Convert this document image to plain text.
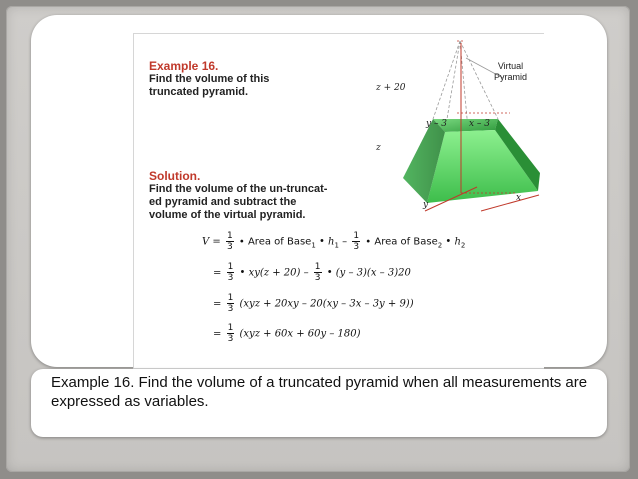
Example 16.
Find the volume of this
truncated pyramid.
Solution.
Find the volume of the un-truncat-
ed pyramid and subtract the
volume of the virtual pyramid.
$V = \frac{1}{3}$ • Area of Base$_1$ • $h_1 - \frac{1}{3}$ • Area of Base$_2$ • $h_2$
= $\frac{1}{3}$ • $xy(z + 20) - \frac{1}{3}$ • (y – 3)(x – 3)20
= $\frac{1}{3} (xyz + 20xy - 20(xy - 3x - 3y + 9))$
= $\frac{1}{3} (xyz + 60x + 60y - 180)$
Virtual
Pyramid
z + 20
z
y – 3 x – 3
y
x
Example 16. Find the volume of a truncated pyramid when all measurements are expressed as variables.
